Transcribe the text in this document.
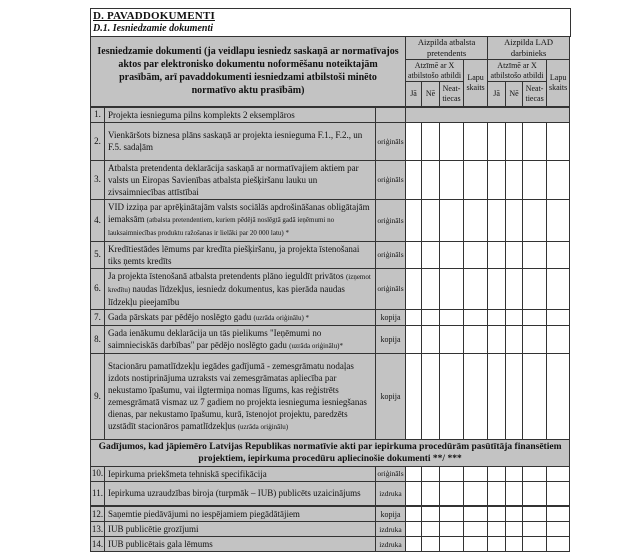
D. PAVADDOKUMENTI
D.1. Iesniedzamie dokumenti
Iesniedzamie dokumenti (ja veidlapu iesniedz saskaņā ar normatīvajos aktos par elektronisko dokumentu noformēšanu noteiktajām prasībām, arī pavaddokumenti iesniedzami atbilstoši minēto normatīvo aktu prasībām)			Aizpilda atbalsta pretendents				Aizpilda LAD darbinieks			
			Atzīmē ar X atbilstošo atbildi			Lapu skaits	Atzīmē ar X atbilstošo atbildi			Lapu skaits
			Jā	Nē	Neat-tiecas		Jā	Nē	Neat-tiecas	
1.	Projekta iesnieguma pilns komplekts 2 eksemplāros									
2.	Vienkāršots biznesa plāns saskaņā ar projekta iesnieguma F.1., F.2., un F.5. sadaļām	oriģināls								
3.	Atbalsta pretendenta deklarācija saskaņā ar normatīvajiem aktiem par valsts un Eiropas Savienības atbalsta piešķiršanu lauku un zivsaimniecības attīstībai	oriģināls								
4.	VID izziņa par aprēķinātajām valsts sociālās apdrošināšanas obligātajām iemaksām (atbalsta pretendentiem, kuriem pēdējā noslēgtā gadā ieņēmumi no lauksaimniecības produktu ražošanas ir lielāki par 20 000 latu) *	oriģināls								
5.	Kredītiestādes lēmums par kredīta piešķiršanu, ja projekta īstenošanai tiks ņemts kredīts	oriģināls								
6.	Ja projekta īstenošanā atbalsta pretendents plāno ieguldīt privātos (izņemot kredītu) naudas līdzekļus, iesniedz dokumentus, kas pierāda naudas līdzekļu pieejamību	oriģināls								
7.	Gada pārskats par pēdējo noslēgto gadu (uzrāda oriģinālu) *	kopija								
8.	Gada ienākumu deklarācija un tās pielikums "Ieņēmumi no saimnieciskās darbības" par pēdējo noslēgto gadu (uzrāda oriģinālu)*	kopija								
9.	Stacionāru pamatlīdzekļu iegādes gadījumā - zemesgrāmatu nodaļas izdots nostiprinājuma uzraksts vai zemesgrāmatas apliecība par nekustamo īpašumu, vai ilgtermiņa nomas līgums, kas reģistrēts zemesgrāmatā vismaz uz 7 gadiem no projekta iesnieguma iesniegšanas dienas, par nekustamo īpašumu, kurā, īstenojot projektu, paredzēts uzstādīt stacionāros pamatlīdzekļus (uzrāda oriģinālu)	kopija								
Gadījumos, kad jāpiemēro Latvijas Republikas normatīvie akti par iepirkuma procedūrām pasūtītāja finansētiem projektiem, iepirkuma procedūru apliecinošie dokumenti **/ ***										
10.	Iepirkuma priekšmeta tehniskā specifikācija	oriģināls								
11.	Iepirkuma uzraudzības biroja (turpmāk – IUB) publicēts uzaicinājums	izdruka								
12.	Saņemtie piedāvājumi no iespējamiem piegādātājiem	kopija								
13.	IUB publicētie grozījumi	izdruka								
14.	IUB publicētais gala lēmums	izdruka								
